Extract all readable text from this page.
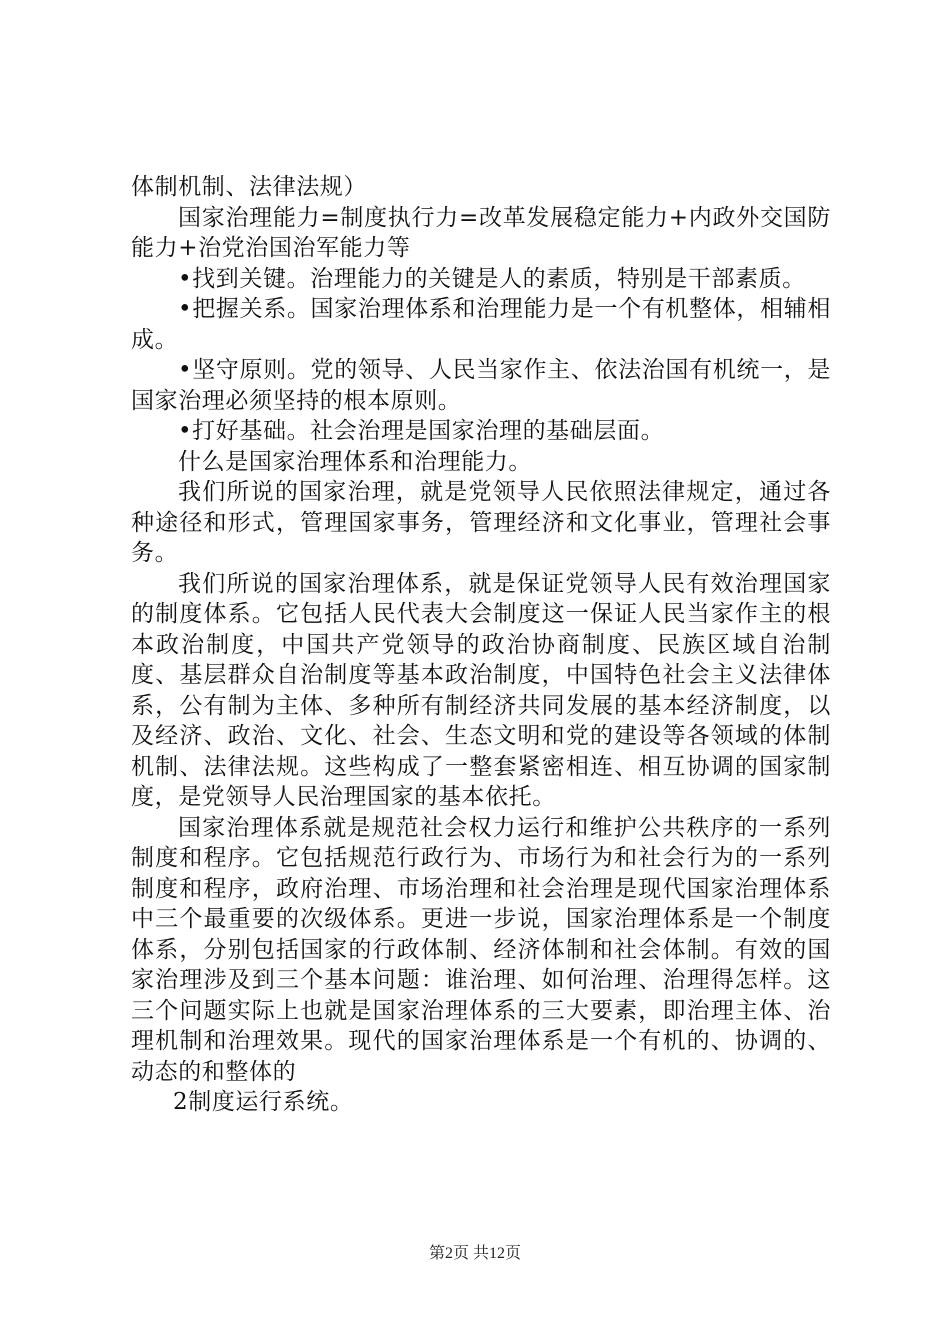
体制机制、法律法规）

国家治理能力=制度执行力=改革发展稳定能力+内政外交国防能力+治党治国治军能力等

•找到关键。治理能力的关键是人的素质，特别是干部素质。

•把握关系。国家治理体系和治理能力是一个有机整体，相辅相成。

•坚守原则。党的领导、人民当家作主、依法治国有机统一，是国家治理必须坚持的根本原则。

•打好基础。社会治理是国家治理的基础层面。

什么是国家治理体系和治理能力。

我们所说的国家治理，就是党领导人民依照法律规定，通过各种途径和形式，管理国家事务，管理经济和文化事业，管理社会事务。

我们所说的国家治理体系，就是保证党领导人民有效治理国家的制度体系。它包括人民代表大会制度这一保证人民当家作主的根本政治制度，中国共产党领导的政治协商制度、民族区域自治制度、基层群众自治制度等基本政治制度，中国特色社会主义法律体系，公有制为主体、多种所有制经济共同发展的基本经济制度，以及经济、政治、文化、社会、生态文明和党的建设等各领域的体制机制、法律法规。这些构成了一整套紧密相连、相互协调的国家制度，是党领导人民治理国家的基本依托。

国家治理体系就是规范社会权力运行和维护公共秩序的一系列制度和程序。它包括规范行政行为、市场行为和社会行为的一系列制度和程序，政府治理、市场治理和社会治理是现代国家治理体系中三个最重要的次级体系。更进一步说，国家治理体系是一个制度体系，分别包括国家的行政体制、经济体制和社会体制。有效的国家治理涉及到三个基本问题：谁治理、如何治理、治理得怎样。这三个问题实际上也就是国家治理体系的三大要素，即治理主体、治理机制和治理效果。现代的国家治理体系是一个有机的、协调的、动态的和整体的

2制度运行系统。

第2页 共12页
